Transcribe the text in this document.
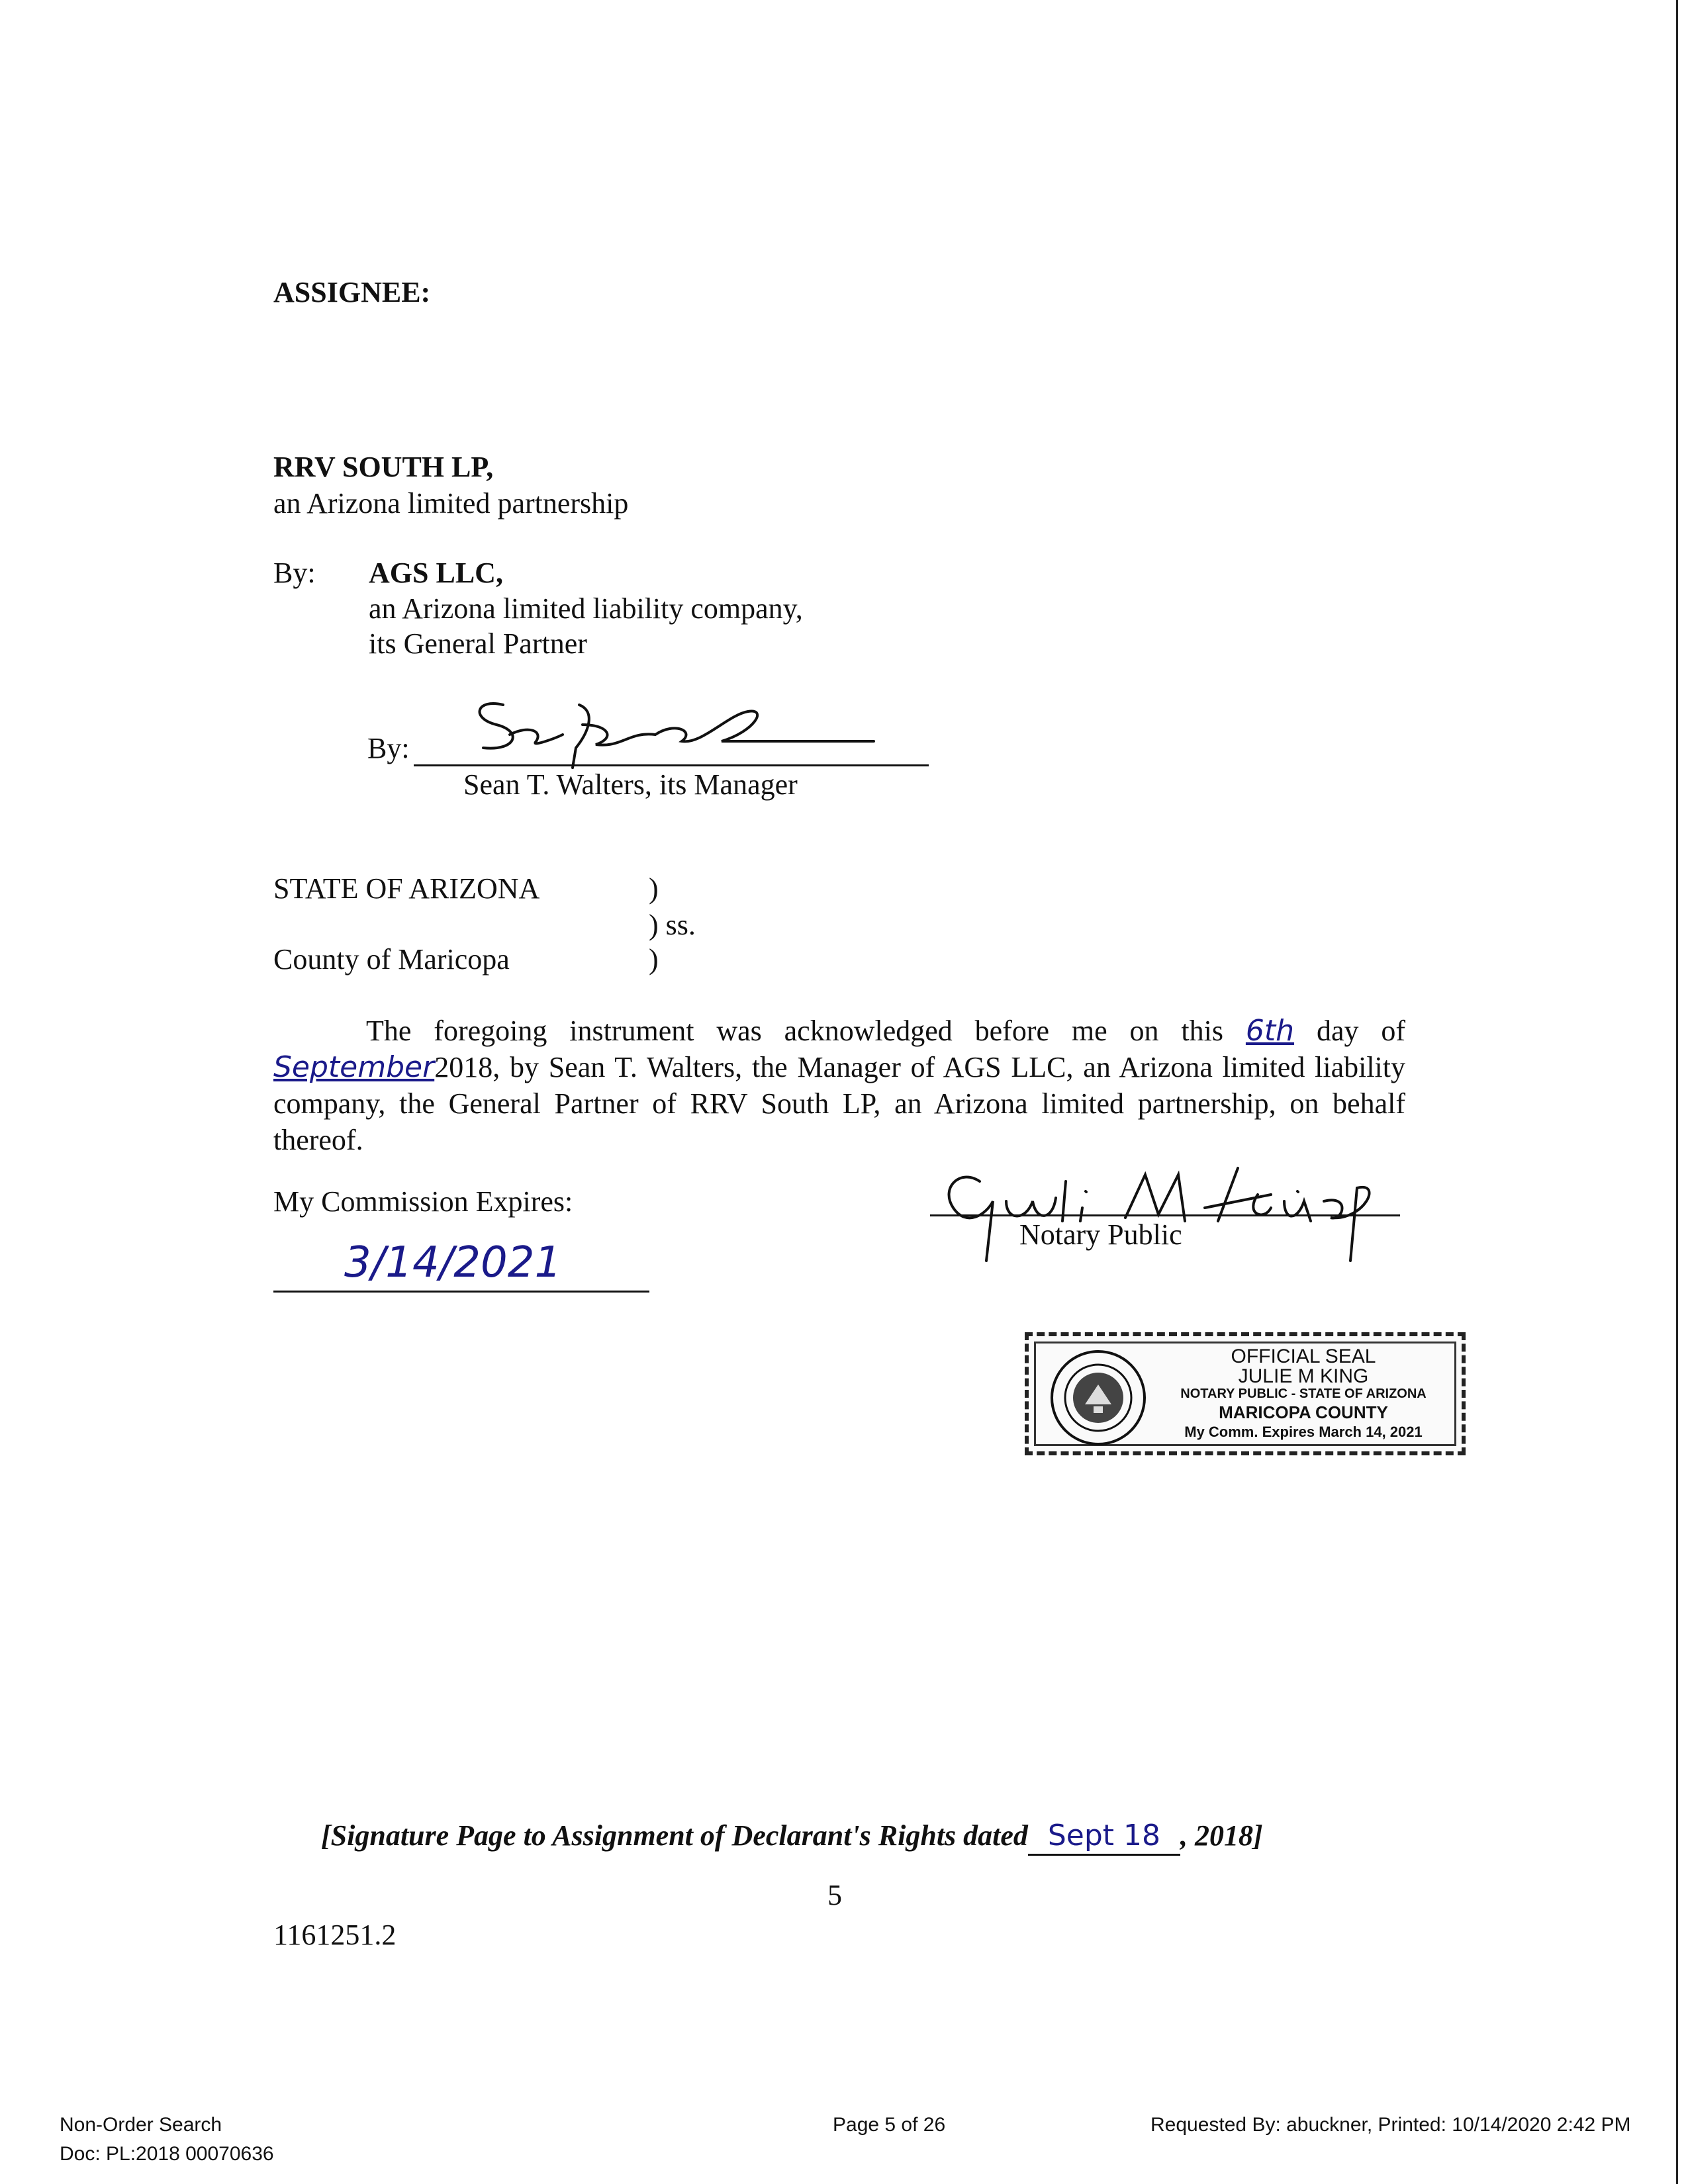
ASSIGNEE:
RRV SOUTH LP,
an Arizona limited partnership
By: AGS LLC,
an Arizona limited liability company,
its General Partner
By:
Sean T. Walters, its Manager
STATE OF ARIZONA	)
) ss.
County of Maricopa	)
The foregoing instrument was acknowledged before me on this 6th day of September2018, by Sean T. Walters, the Manager of AGS LLC, an Arizona limited liability company, the General Partner of RRV South LP, an Arizona limited partnership, on behalf thereof.
My Commission Expires:
3/14/2021
Notary Public
OFFICIAL SEAL
JULIE M KING
NOTARY PUBLIC - STATE OF ARIZONA
MARICOPA COUNTY
My Comm. Expires March 14, 2021
[Signature Page to Assignment of Declarant's Rights dated Sept 18 , 2018]
5
1161251.2
Non-Order Search
Doc: PL:2018 00070636
Page 5 of 26	Requested By: abuckner, Printed: 10/14/2020 2:42 PM
